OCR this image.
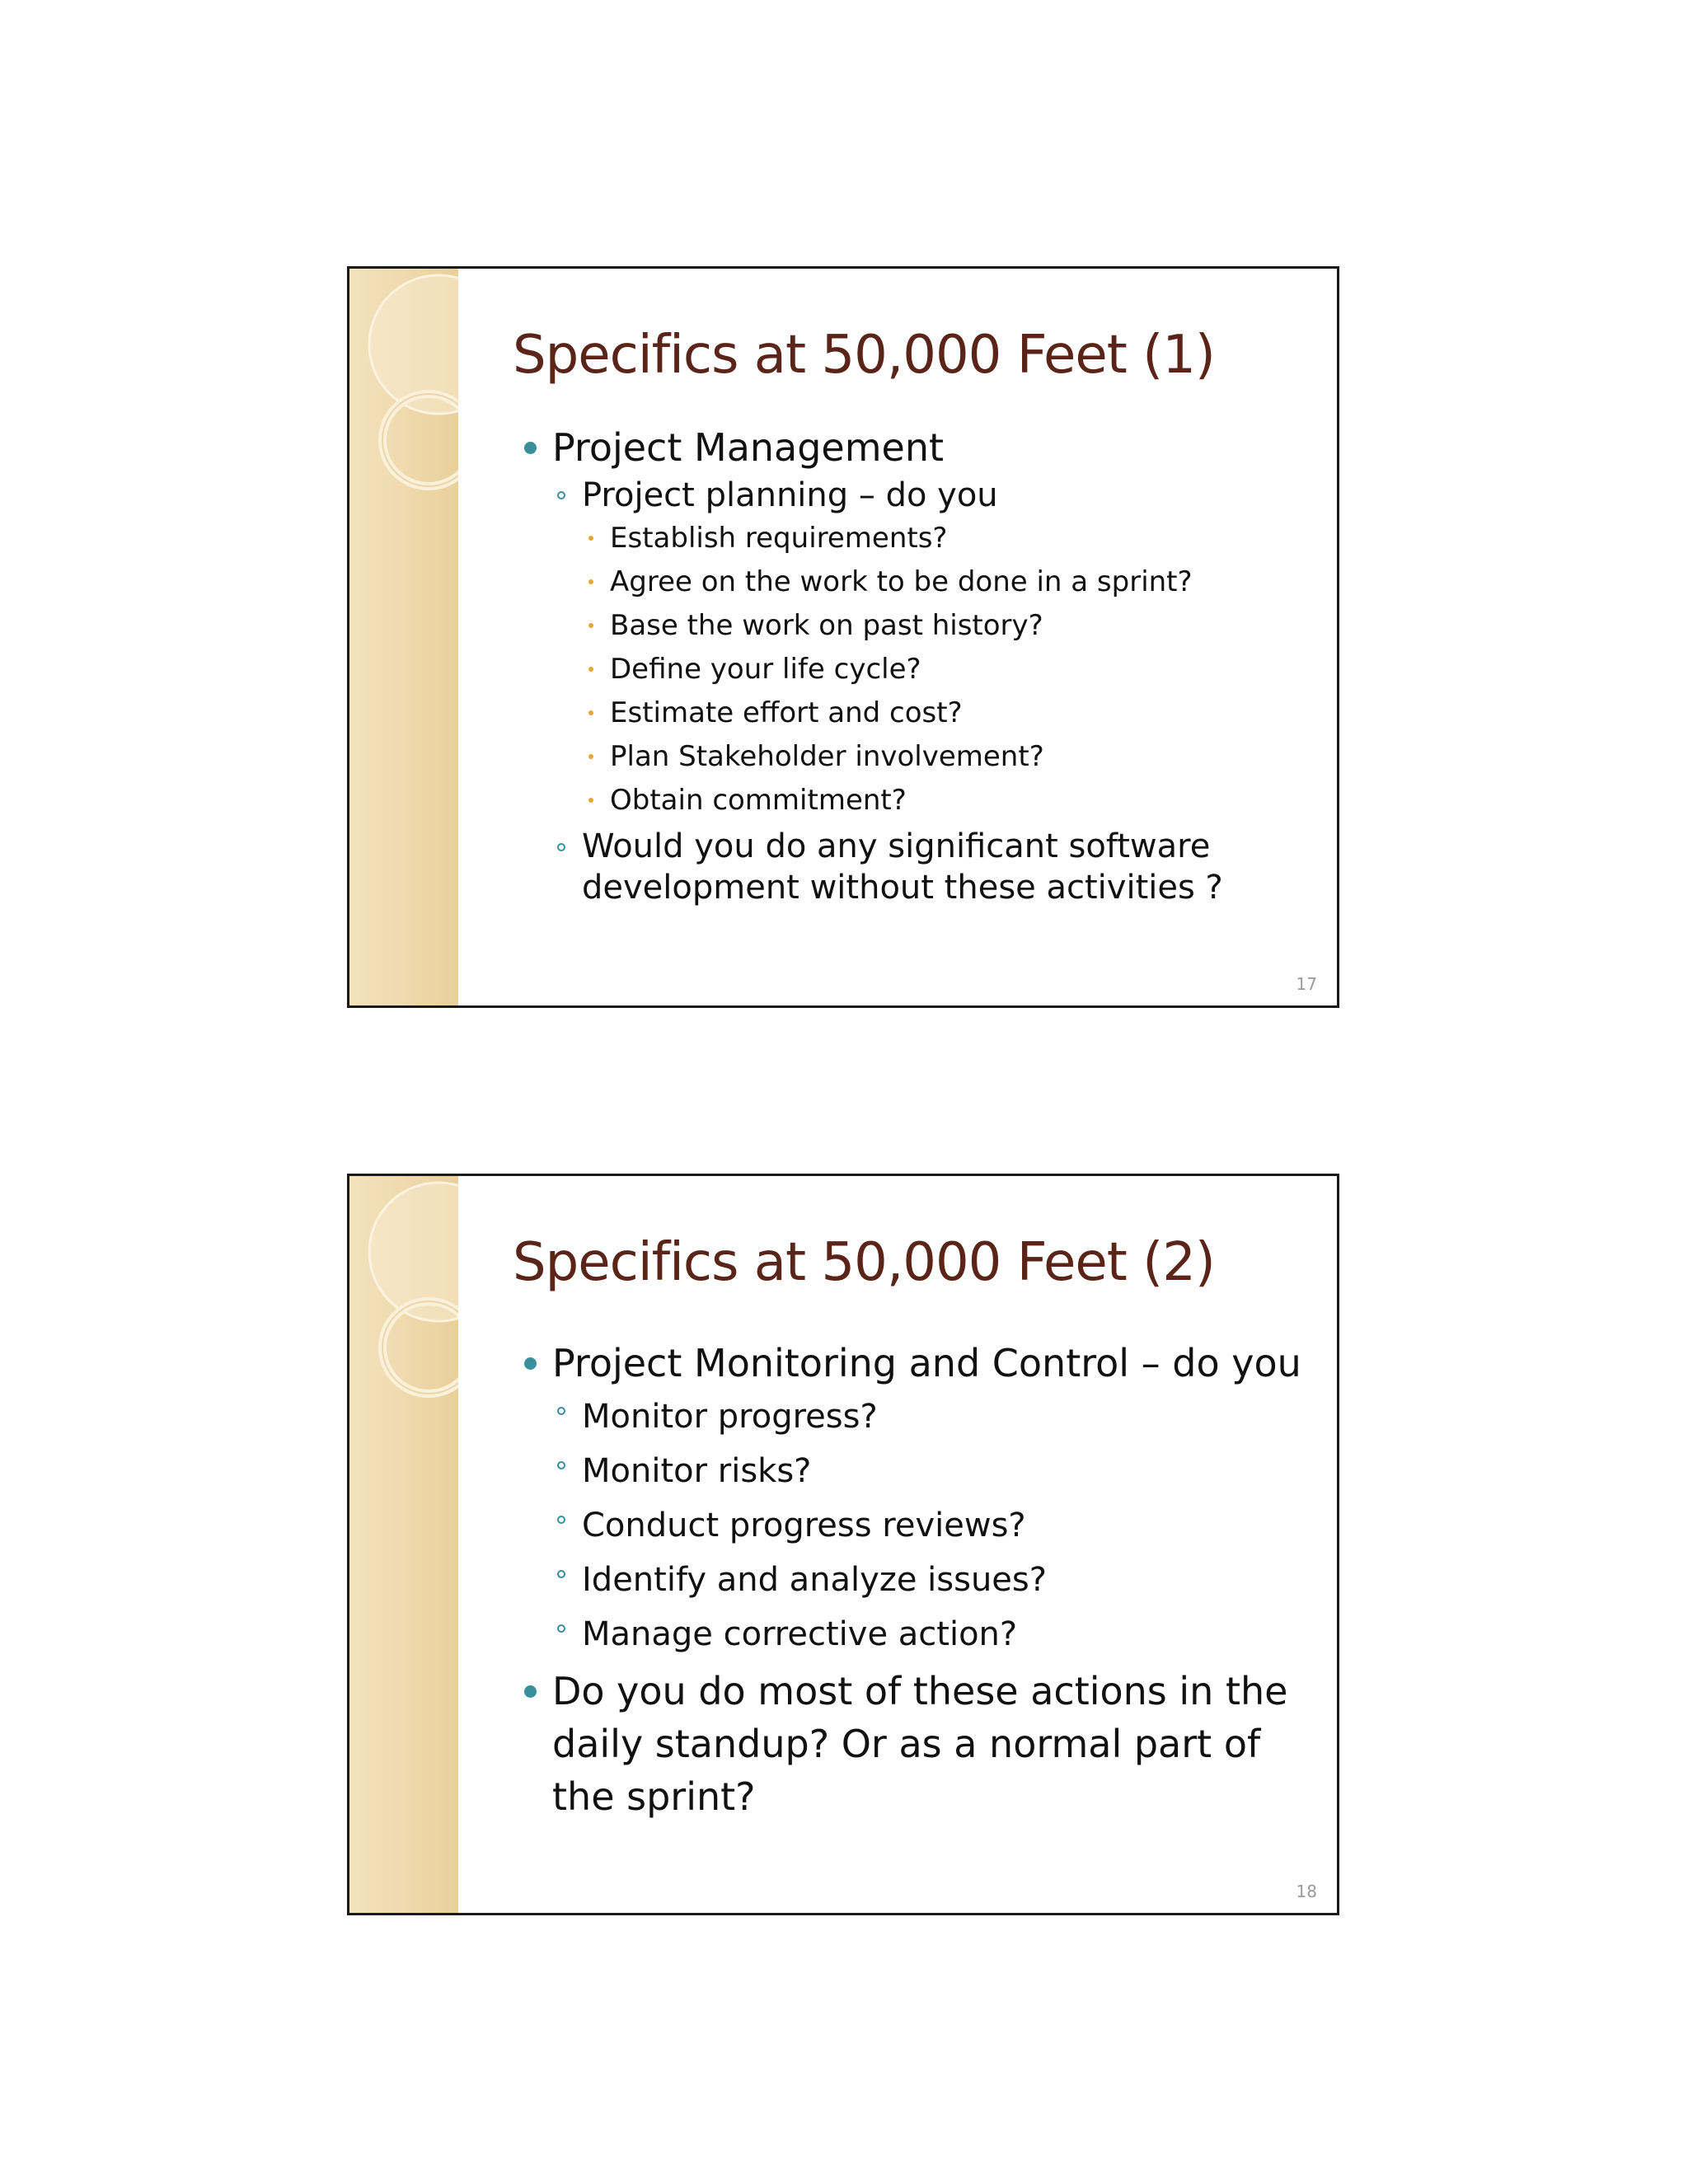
Specifics at 50,000 Feet (1)
Project Management
Project planning – do you
Establish requirements?
Agree on the work to be done in a sprint?
Base the work on past history?
Define your life cycle?
Estimate effort and cost?
Plan Stakeholder involvement?
Obtain commitment?
Would you do any significant software development without these activities ?
17
Specifics at 50,000 Feet (2)
Project Monitoring and Control – do you
Monitor progress?
Monitor risks?
Conduct progress reviews?
Identify and analyze issues?
Manage corrective action?
Do you do most of these actions in the daily standup? Or as a normal part of the sprint?
18
